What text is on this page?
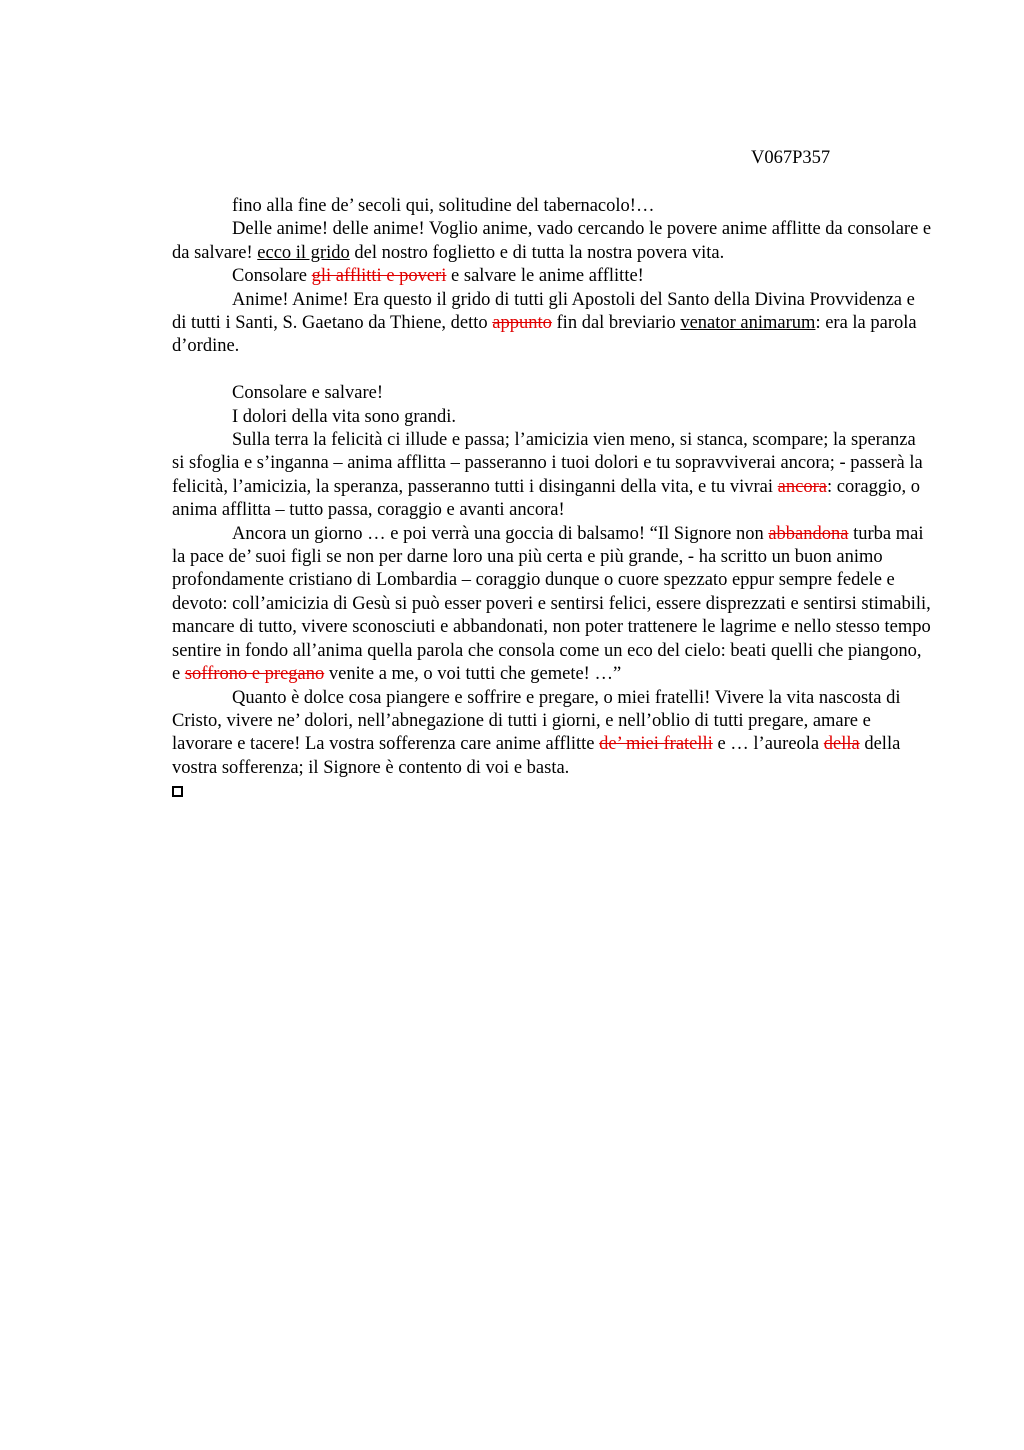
V067P357

fino alla fine de’ secoli qui, solitudine del tabernacolo!…

Delle anime! delle anime! Voglio anime, vado cercando le povere anime afflitte da consolare e da salvare! ecco il grido del nostro foglietto e di tutta la nostra povera vita.

Consolare gli afflitti e poveri e salvare le anime afflitte!

Anime! Anime! Era questo il grido di tutti gli Apostoli del Santo della Divina Provvidenza e di tutti i Santi, S. Gaetano da Thiene, detto appunto fin dal breviario venator animarum: era la parola d’ordine.

Consolare e salvare!

I dolori della vita sono grandi.

Sulla terra la felicità ci illude e passa; l’amicizia vien meno, si stanca, scompare; la speranza si sfoglia e s’inganna – anima afflitta – passeranno i tuoi dolori e tu sopravviverai ancora; - passerà la felicità, l’amicizia, la speranza, passeranno tutti i disinganni della vita, e tu vivrai ancora: coraggio, o anima afflitta – tutto passa, coraggio e avanti ancora!

Ancora un giorno … e poi verrà una goccia di balsamo! “Il Signore non abbandona turba mai la pace de’ suoi figli se non per darne loro una più certa e più grande, - ha scritto un buon animo profondamente cristiano di Lombardia – coraggio dunque o cuore spezzato eppur sempre fedele e devoto: coll’amicizia di Gesù si può esser poveri e sentirsi felici, essere disprezzati e sentirsi stimabili, mancare di tutto, vivere sconosciuti e abbandonati, non poter trattenere le lagrime e nello stesso tempo sentire in fondo all’anima quella parola che consola come un eco del cielo: beati quelli che piangono, e soffrono e pregano venite a me, o voi tutti che gemete! …”

Quanto è dolce cosa piangere e soffrire e pregare, o miei fratelli! Vivere la vita nascosta di Cristo, vivere ne’ dolori, nell’abnegazione di tutti i giorni, e nell’oblio di tutti pregare, amare e lavorare e tacere! La vostra sofferenza care anime afflitte de’ miei fratelli e … l’aureola della della vostra sofferenza; il Signore è contento di voi e basta.
